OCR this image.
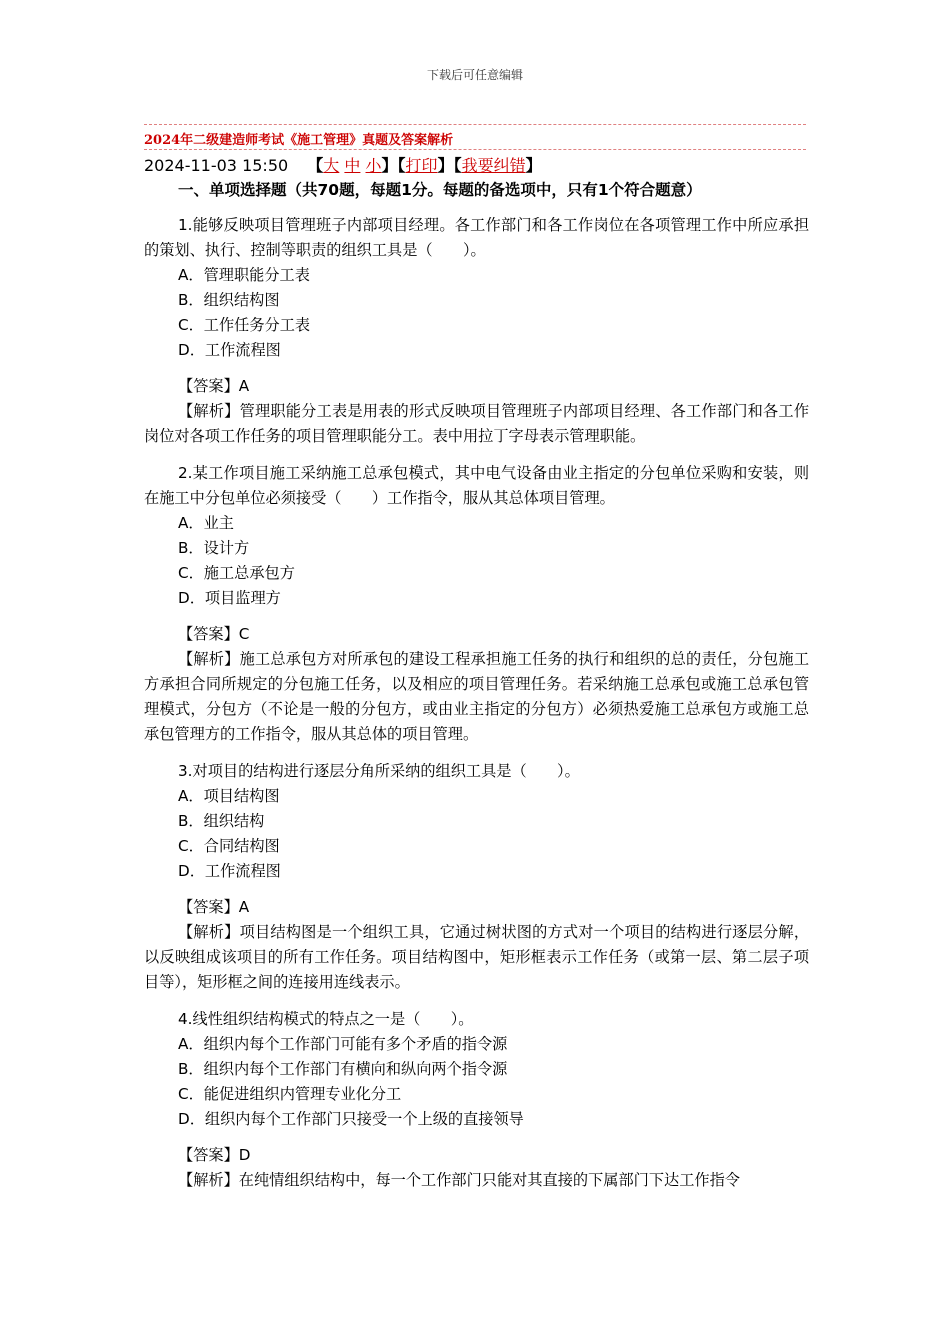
下载后可任意编辑
2024年二级建造师考试《施工管理》真题及答案解析
2024-11-03 15:50 【大 中 小】【打印】【我要纠错】
一、单项选择题（共70题，每题1分。每题的备选项中，只有1个符合题意）

1.能够反映项目管理班子内部项目经理。各工作部门和各工作岗位在各项管理工作中所应承担的策划、执行、控制等职责的组织工具是（　　）。

A．管理职能分工表

B．组织结构图

C．工作任务分工表

D．工作流程图

【答案】A

【解析】管理职能分工表是用表的形式反映项目管理班子内部项目经理、各工作部门和各工作岗位对各项工作任务的项目管理职能分工。表中用拉丁字母表示管理职能。

2.某工作项目施工采纳施工总承包模式，其中电气设备由业主指定的分包单位采购和安装，则在施工中分包单位必须接受（　　）工作指令，服从其总体项目管理。

A．业主

B．设计方

C．施工总承包方

D．项目监理方

【答案】C

【解析】施工总承包方对所承包的建设工程承担施工任务的执行和组织的总的责任，分包施工方承担合同所规定的分包施工任务，以及相应的项目管理任务。若采纳施工总承包或施工总承包管理模式，分包方（不论是一般的分包方，或由业主指定的分包方）必须热爱施工总承包方或施工总承包管理方的工作指令，服从其总体的项目管理。

3.对项目的结构进行逐层分角所采纳的组织工具是（　　）。

A．项目结构图

B．组织结构

C．合同结构图

D．工作流程图

【答案】A

【解析】项目结构图是一个组织工具，它通过树状图的方式对一个项目的结构进行逐层分解，以反映组成该项目的所有工作任务。项目结构图中，矩形框表示工作任务（或第一层、第二层子项目等），矩形框之间的连接用连线表示。

4.线性组织结构模式的特点之一是（　　）。

A．组织内每个工作部门可能有多个矛盾的指令源

B．组织内每个工作部门有横向和纵向两个指令源

C．能促进组织内管理专业化分工

D．组织内每个工作部门只接受一个上级的直接领导

【答案】D

【解析】在纯情组织结构中，每一个工作部门只能对其直接的下属部门下达工作指令
